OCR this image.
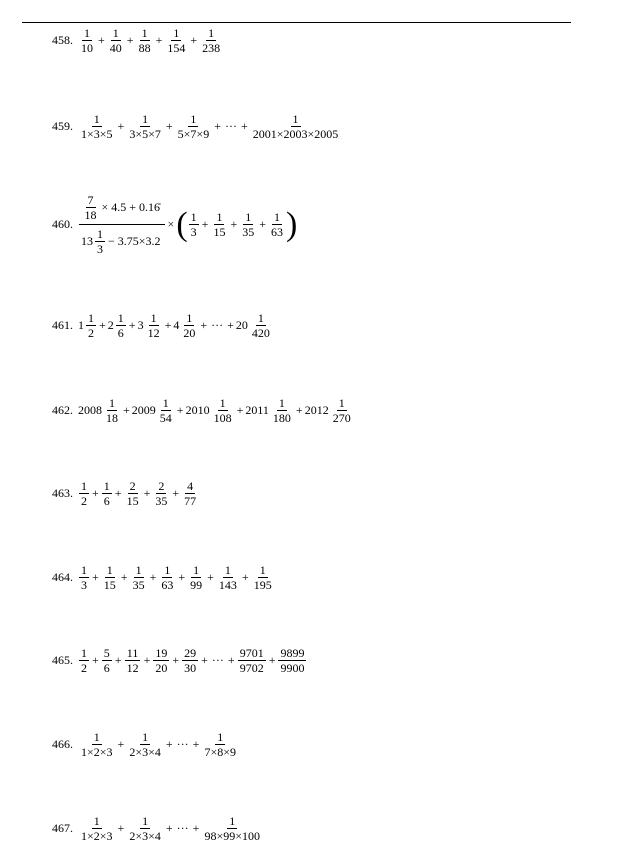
458. $\frac{1}{10} + \frac{1}{40} + \frac{1}{88} + \frac{1}{154} + \frac{1}{238}$
459. $\frac{1}{1\times 3\times 5} + \frac{1}{3\times 5\times 7} + \frac{1}{5\times 7\times 9}$ + ··· + $\frac{1}{2001\times 2003\times 2005}$
460. $\frac{\frac{7}{18} \times 4.5 + 0.16̇}{13 \frac{1}{3} - 3.75\times 3.2}$ × ( $\frac{1}{3} + \frac{1}{15} + \frac{1}{35} + \frac{1}{63}$ )
461. $1 \frac{1}{2} + 2 \frac{1}{6} + 3 \frac{1}{12} + 4 \frac{1}{20}$ + ··· + $20 \frac{1}{420}$
462. $2008 \frac{1}{18} + 2009 \frac{1}{54} + 2010 \frac{1}{108} + 2011 \frac{1}{180} + 2012 \frac{1}{270}$
463. $\frac{1}{2} + \frac{1}{6} + \frac{2}{15} + \frac{2}{35} + \frac{4}{77}$
464. $\frac{1}{3} + \frac{1}{15} + \frac{1}{35} + \frac{1}{63} + \frac{1}{99} + \frac{1}{143} + \frac{1}{195}$
465. $\frac{1}{2} + \frac{5}{6} + \frac{11}{12} + \frac{19}{20} + \frac{29}{30}$ + ··· + $\frac{9701}{9702} + \frac{9899}{9900}$
466. $\frac{1}{1\times 2\times 3} + \frac{1}{2\times 3\times 4}$ + ··· + $\frac{1}{7\times 8\times 9}$
467. $\frac{1}{1\times 2\times 3} + \frac{1}{2\times 3\times 4}$ + ··· + $\frac{1}{98\times 99\times 100}$
